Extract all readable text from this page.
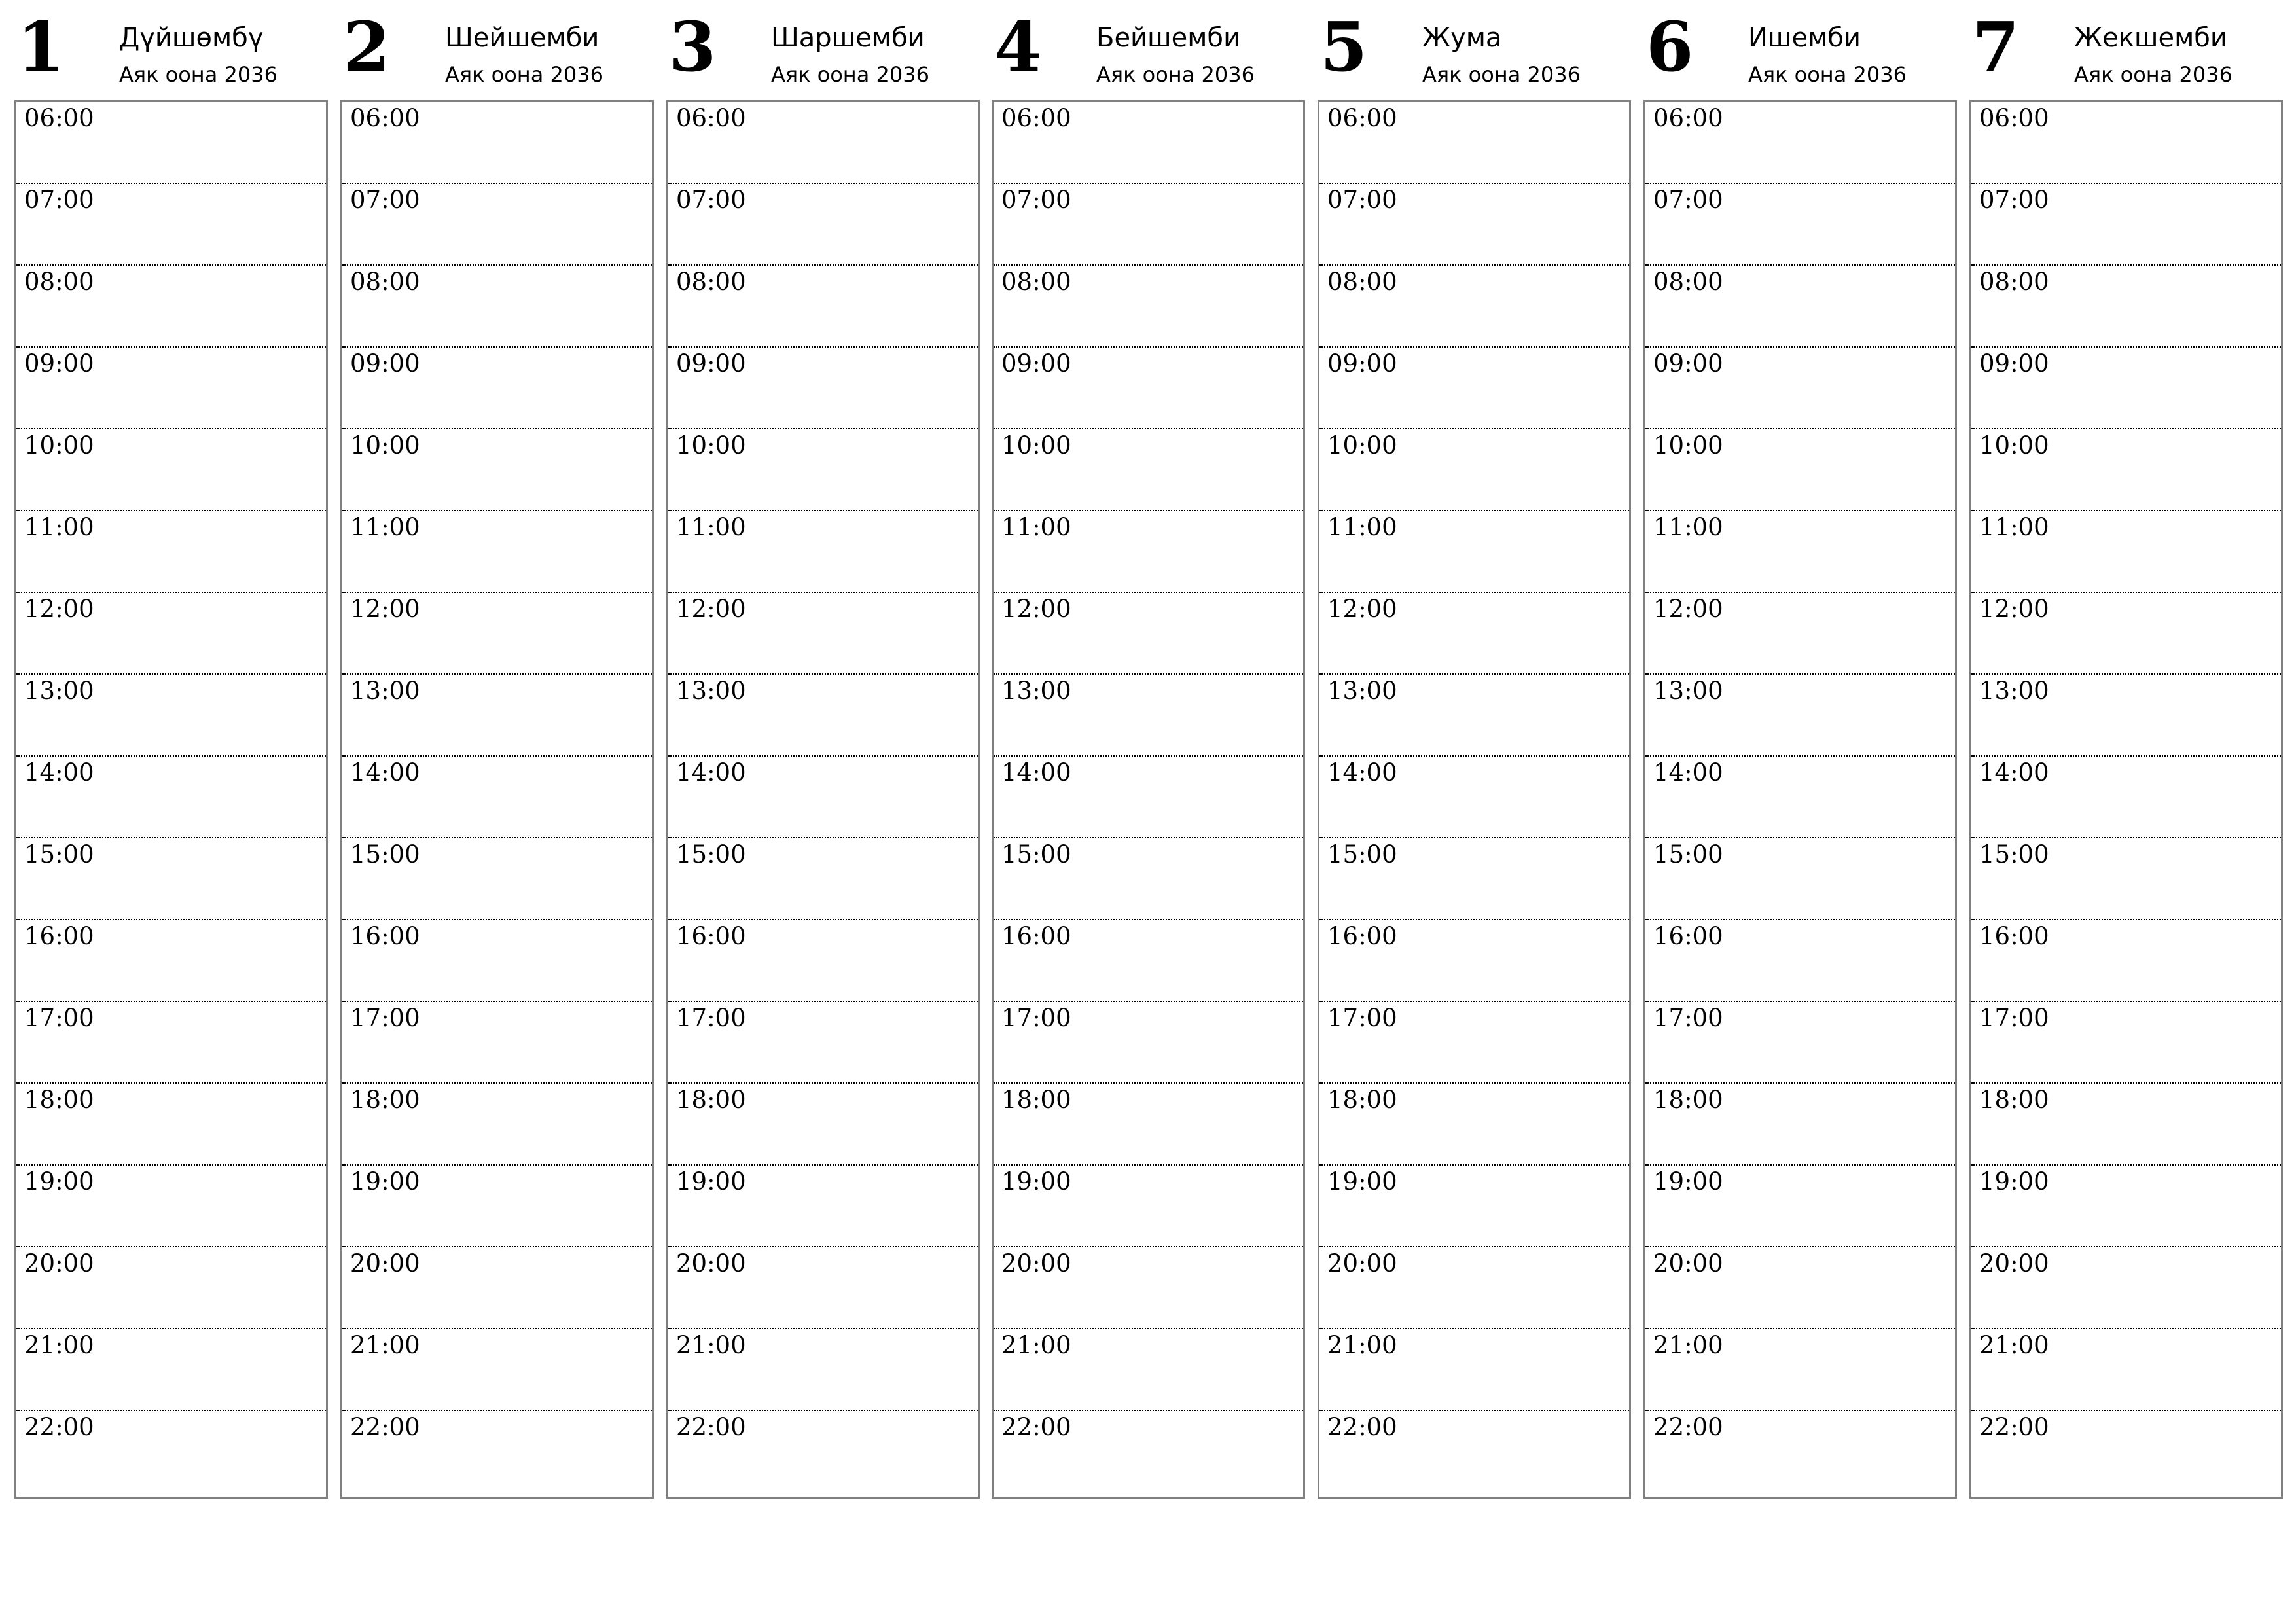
1 Дүйшөмбү
Аяк оона 2036
06:00
07:00
08:00
09:00
10:00
11:00
12:00
13:00
14:00
15:00
16:00
17:00
18:00
19:00
20:00
21:00
22:00
2 Шейшемби
Аяк оона 2036
06:00
07:00
08:00
09:00
10:00
11:00
12:00
13:00
14:00
15:00
16:00
17:00
18:00
19:00
20:00
21:00
22:00
3 Шаршемби
Аяк оона 2036
06:00
07:00
08:00
09:00
10:00
11:00
12:00
13:00
14:00
15:00
16:00
17:00
18:00
19:00
20:00
21:00
22:00
4 Бейшемби
Аяк оона 2036
06:00
07:00
08:00
09:00
10:00
11:00
12:00
13:00
14:00
15:00
16:00
17:00
18:00
19:00
20:00
21:00
22:00
5 Жума
Аяк оона 2036
06:00
07:00
08:00
09:00
10:00
11:00
12:00
13:00
14:00
15:00
16:00
17:00
18:00
19:00
20:00
21:00
22:00
6 Ишемби
Аяк оона 2036
06:00
07:00
08:00
09:00
10:00
11:00
12:00
13:00
14:00
15:00
16:00
17:00
18:00
19:00
20:00
21:00
22:00
7 Жекшемби
Аяк оона 2036
06:00
07:00
08:00
09:00
10:00
11:00
12:00
13:00
14:00
15:00
16:00
17:00
18:00
19:00
20:00
21:00
22:00
